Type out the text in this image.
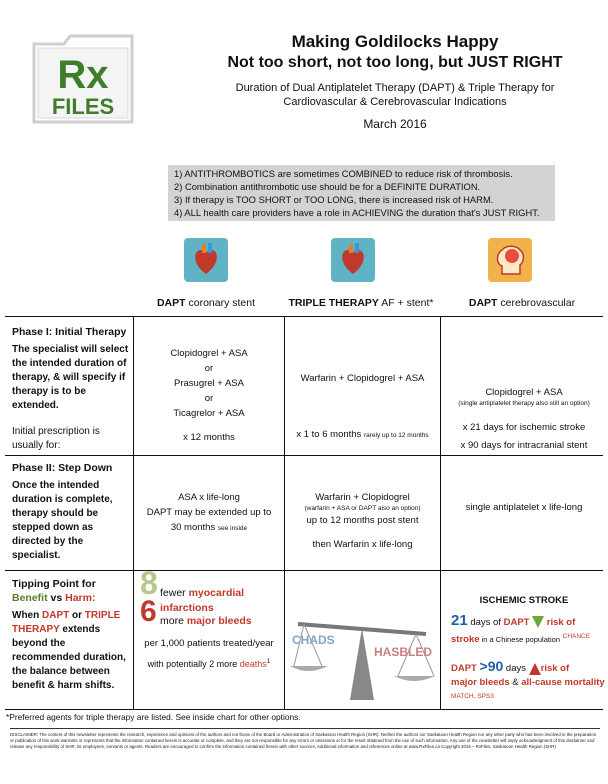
Rx
FILES
Making Goldilocks Happy
Not too short, not too long, but JUST RIGHT
Duration of Dual Antiplatelet Therapy (DAPT) & Triple Therapy for
Cardiovascular & Cerebrovascular Indications
March 2016
1) ANTITHROMBOTICS are sometimes COMBINED to reduce risk of thrombosis.
2) Combination antithrombotic use should be for a DEFINITE DURATION.
3) If therapy is TOO SHORT or TOO LONG, there is increased risk of HARM.
4) ALL health care providers have a role in ACHIEVING the duration that's JUST RIGHT.
DAPT coronary stent	TRIPLE THERAPY AF + stent*	DAPT cerebrovascular
Phase I: Initial Therapy
The specialist will select the intended duration of therapy, & will specify if therapy is to be extended.
Initial prescription is usually for:
Clopidogrel + ASA
or
Prasugrel + ASA
or
Ticagrelor + ASA
x 12 months
Warfarin + Clopidogrel + ASA
x 1 to 6 months rarely up to 12 months
Clopidogrel + ASA
(single antiplatelet therapy also still an option)
x 21 days for ischemic stroke
x 90 days for intracranial stent
Phase II: Step Down
Once the intended duration is complete, therapy should be stepped down as directed by the specialist.
ASA x life-long
DAPT may be extended up to
30 months see inside
Warfarin + Clopidogrel
(warfarin + ASA or DAPT also an option)
up to 12 months post stent
then Warfarin x life-long
single antiplatelet x life-long
Tipping Point for
Benefit vs Harm:
When DAPT or TRIPLE THERAPY extends beyond the recommended duration, the balance between benefit & harm shifts.
8 fewer myocardial infarctions
6 more major bleeds
per 1,000 patients treated/year
with potentially 2 more deaths$^1$
CHADS
HASBLED
ISCHEMIC STROKE
21 days of DAPT  risk of
stroke in a Chinese population $^{CHANCE}$
DAPT >90 days risk of
major bleeds & all-cause mortality $^{MATCH, SPS3}$
*Preferred agents for triple therapy are listed. See inside chart for other options.
DISCLAIMER: The content of this newsletter represents the research, experience and opinions of the authors and not those of the Board or Administration of Saskatoon Health Region (SHR). Neither the authors nor Saskatoon Health Region nor any other party who has been involved in the preparation or publication of this work warrants or represents that the information contained herein is accurate or complete, and they are not responsible for any errors or omissions or for the result obtained from the use of such information. Any use of the newsletter will imply acknowledgment of this disclaimer and release any responsibility of SHR, its employees, servants or agents. Readers are encouraged to confirm the information contained herein with other sources. Additional information and references online at www.RxFiles.ca Copyright 2016 – RxFiles, Saskatoon Health Region (SHR)
